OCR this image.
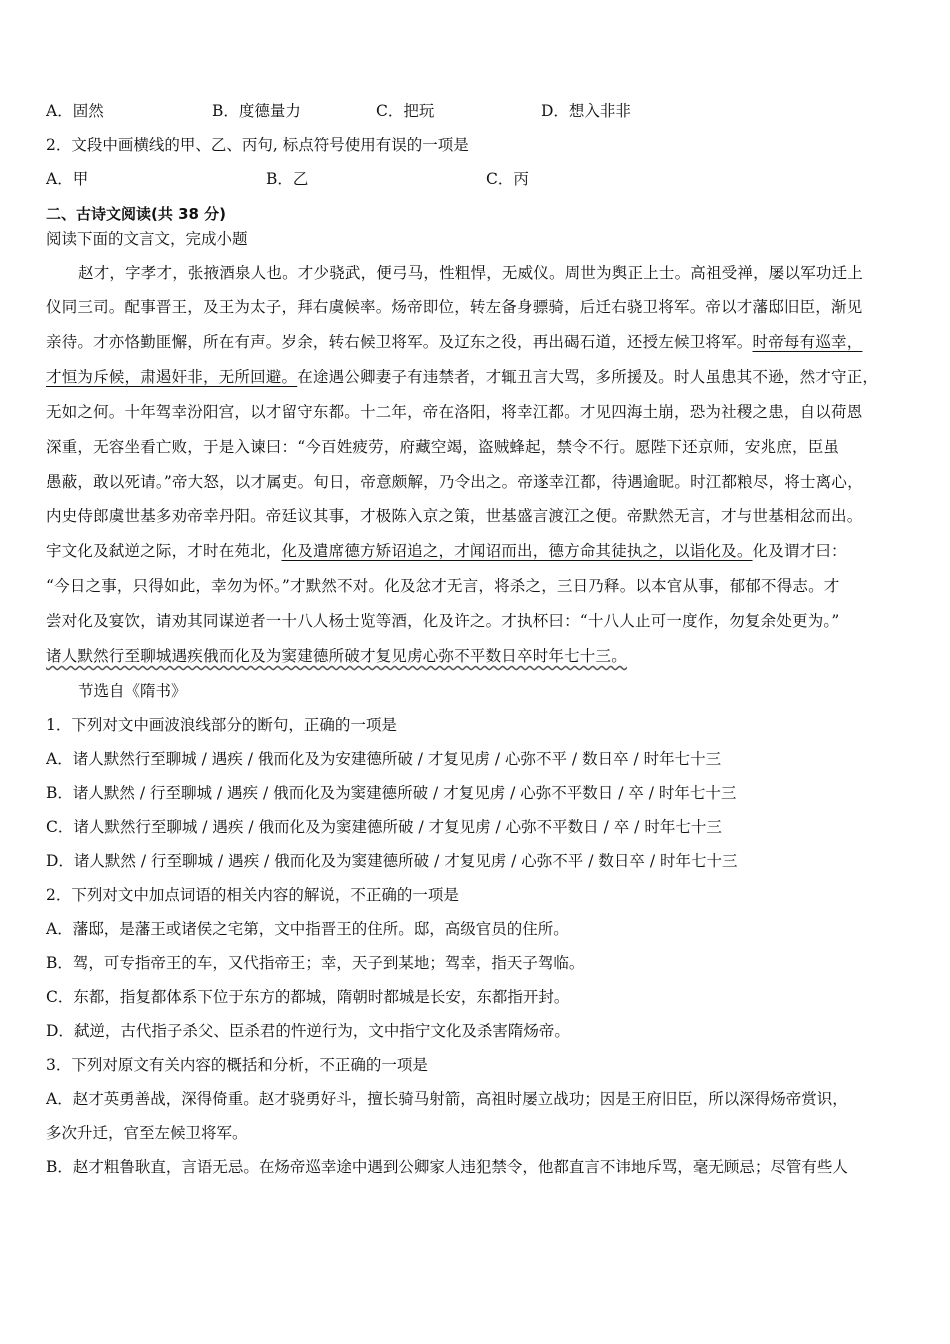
A．固然	B．度德量力	C．把玩	D．想入非非
2．文段中画横线的甲、乙、丙句, 标点符号使用有误的一项是
A．甲	B．乙	C．丙
二、古诗文阅读(共 38 分)
阅读下面的文言文，完成小题
赵才，字孝才，张掖酒泉人也。才少骁武，便弓马，性粗悍，无威仪。周世为舆正上士。高祖受禅，屡以军功迁上
仪同三司。配事晋王，及王为太子，拜右虞候率。炀帝即位，转左备身骠骑，后迁右骁卫将军。帝以才藩邸旧臣，渐见
亲待。才亦恪勤匪懈，所在有声。岁余，转右候卫将军。及辽东之役，再出碣石道，还授左候卫将军。时帝每有巡幸，
才恒为斥候，肃遏奸非，无所回避。在途遇公卿妻子有违禁者，才辄丑言大骂，多所援及。时人虽患其不逊，然才守正，
无如之何。十年驾幸汾阳宫，以才留守东都。十二年，帝在洛阳，将幸江都。才见四海土崩，恐为社稷之患，自以荷恩
深重，无容坐看亡败，于是入谏曰：“今百姓疲劳，府藏空竭，盗贼蜂起，禁令不行。愿陛下还京师，安兆庶，臣虽
愚蔽，敢以死请。”帝大怒，以才属吏。旬日，帝意颇解，乃令出之。帝遂幸江都，待遇逾昵。时江都粮尽，将士离心，
内史侍郎虞世基多劝帝幸丹阳。帝廷议其事，才极陈入京之策，世基盛言渡江之便。帝默然无言，才与世基相忿而出。
宇文化及弑逆之际，才时在苑北，化及遣席德方矫诏追之，才闻诏而出，德方命其徒执之，以诣化及。化及谓才曰：
“今日之事，只得如此，幸勿为怀。”才默然不对。化及忿才无言，将杀之，三日乃释。以本官从事，郁郁不得志。才
尝对化及宴饮，请劝其同谋逆者一十八人杨士览等酒，化及许之。才执杯曰：“十八人止可一度作，勿复余处更为。”
诸人默然行至聊城遇疾俄而化及为窦建德所破才复见虏心弥不平数日卒时年七十三。
节选自《隋书》
1．下列对文中画波浪线部分的断句，正确的一项是
A．诸人默然行至聊城 / 遇疾 / 俄而化及为安建德所破 / 才复见虏 / 心弥不平 / 数日卒 / 时年七十三
B．诸人默然 / 行至聊城 / 遇疾 / 俄而化及为窦建德所破 / 才复见虏 / 心弥不平数日 / 卒 / 时年七十三
C．诸人默然行至聊城 / 遇疾 / 俄而化及为窦建德所破 / 才复见虏 / 心弥不平数日 / 卒 / 时年七十三
D．诸人默然 / 行至聊城 / 遇疾 / 俄而化及为窦建德所破 / 才复见虏 / 心弥不平 / 数日卒 / 时年七十三
2．下列对文中加点词语的相关内容的解说，不正确的一项是
A．藩邸，是藩王或诸侯之宅第，文中指晋王的住所。邸，高级官员的住所。
B．驾，可专指帝王的车，又代指帝王；幸，天子到某地；驾幸，指天子驾临。
C．东都，指复都体系下位于东方的都城，隋朝时都城是长安，东都指开封。
D．弑逆，古代指子杀父、臣杀君的忤逆行为，文中指宁文化及杀害隋炀帝。
3．下列对原文有关内容的概括和分析，不正确的一项是
A．赵才英勇善战，深得倚重。赵才骁勇好斗，擅长骑马射箭，高祖时屡立战功；因是王府旧臣，所以深得炀帝赏识，
多次升迁，官至左候卫将军。
B．赵才粗鲁耿直，言语无忌。在炀帝巡幸途中遇到公卿家人违犯禁令，他都直言不讳地斥骂，毫无顾忌；尽管有些人
